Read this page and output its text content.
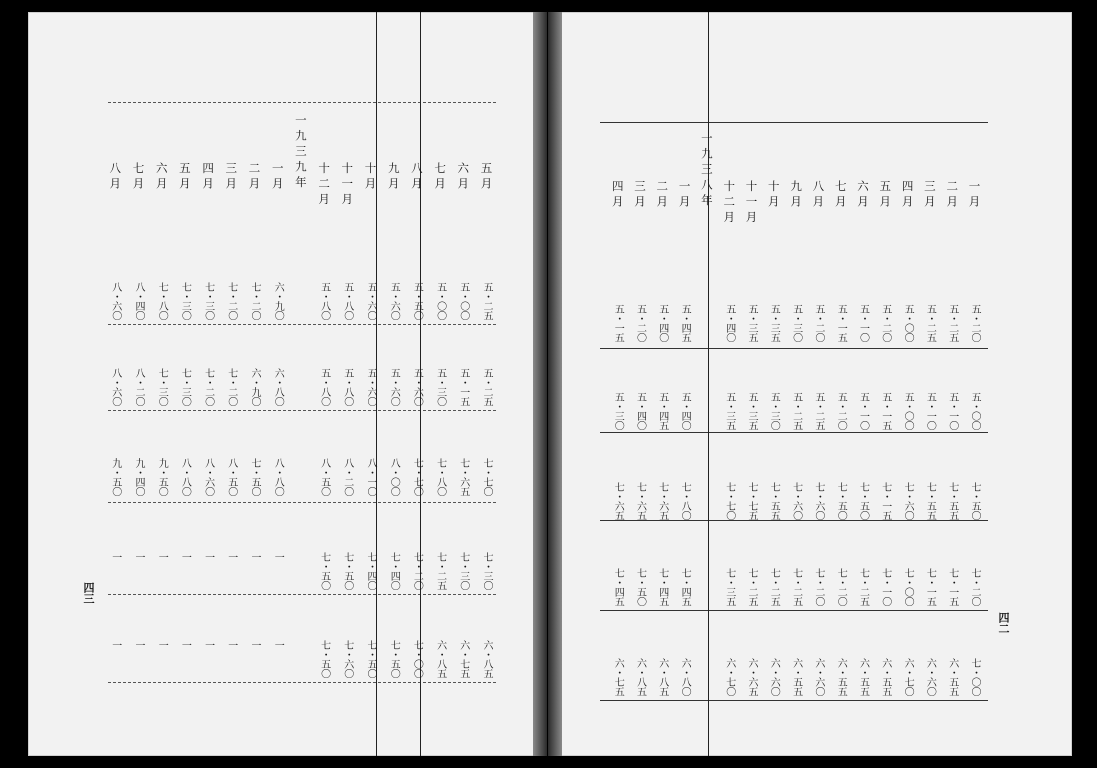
四三
五月
五・二五
五・二五
七・七〇
七・三〇
六・八五
六月
五・〇〇
五・一五
七・六五
七・三〇
六・七五
七月
五・〇〇
五・三〇
七・八〇
七・二五
六・八五
八月
五・五〇
五・六〇
七・七〇
七・二〇
七・〇〇
九月
五・六〇
五・六〇
八・〇〇
七・四〇
七・五〇
十月
五・六〇
五・六〇
八・一〇
七・四〇
七・五〇
十一月
五・八〇
五・八〇
八・二〇
七・五〇
七・六〇
十二月
五・八〇
五・八〇
八・五〇
七・五〇
七・五〇
一九三九年
一月
六・九〇
六・八〇
八・八〇
一
一
二月
七・二〇
六・九〇
七・五〇
一
一
三月
七・二〇
七・二〇
八・五〇
一
一
四月
七・三〇
七・二〇
八・六〇
一
一
五月
七・三〇
七・三〇
八・八〇
一
一
六月
七・八〇
七・三〇
九・五〇
一
一
七月
八・四〇
八・二〇
九・四〇
一
一
八月
八・六〇
八・六〇
九・五〇
一
一
四二
一月
五・二〇
五・〇〇
七・五〇
七・二〇
七・〇〇
二月
五・二五
五・一〇
七・五五
七・一五
六・五五
三月
五・二五
五・一〇
七・五五
七・一五
六・六〇
四月
五・〇〇
五・〇〇
七・六〇
七・〇〇
六・七〇
五月
五・二〇
五・一五
七・一五
七・一〇
六・五五
六月
五・一〇
五・一〇
七・五〇
七・二五
六・五五
七月
五・一五
五・二〇
七・五〇
七・二〇
六・五五
八月
五・二〇
五・二五
七・六〇
七・二〇
六・六〇
九月
五・三〇
五・二五
七・六〇
七・二五
六・五五
十月
五・三五
五・三〇
七・五五
七・二五
六・六〇
十一月
五・三五
五・三五
七・七五
七・二五
六・六五
十二月
五・四〇
五・三五
七・七〇
七・三五
六・七〇
一九三八年
一月
五・四五
五・四〇
七・八〇
七・四五
六・八〇
二月
五・四〇
五・四五
七・六五
七・四五
六・八五
三月
五・二〇
五・四〇
七・六五
七・五〇
六・八五
四月
五・一五
五・三〇
七・六五
七・四五
六・七五
